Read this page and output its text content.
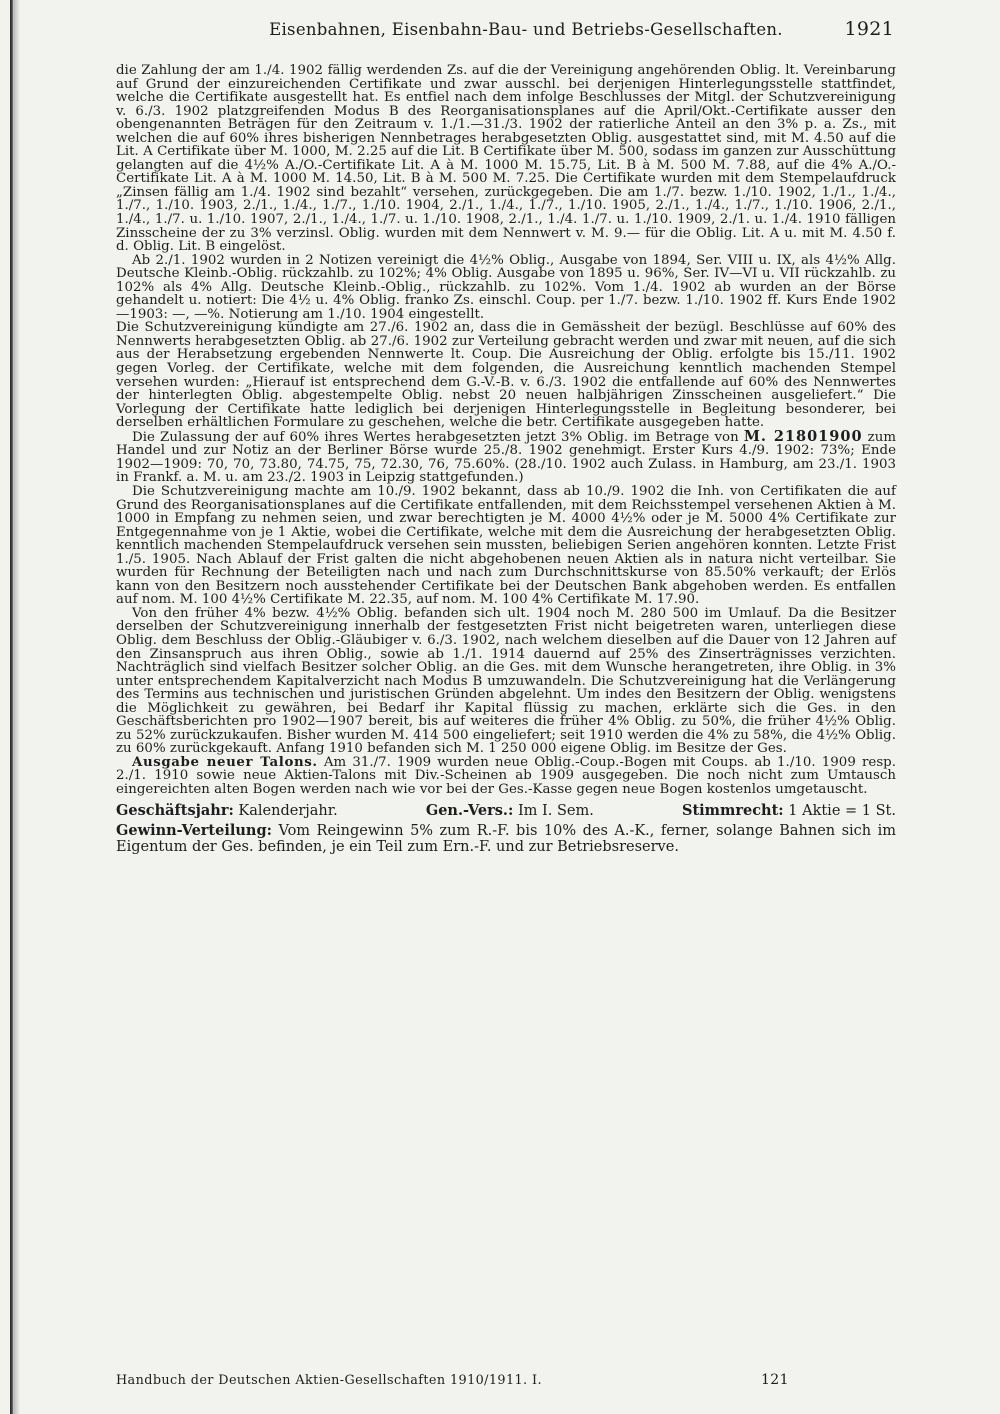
Eisenbahnen, Eisenbahn-Bau- und Betriebs-Gesellschaften.	1921

die Zahlung der am 1./4. 1902 fällig werdenden Zs. auf die der Vereinigung angehörenden Oblig. lt. Vereinbarung auf Grund der einzureichenden Certifikate und zwar ausschl. bei derjenigen Hinterlegungsstelle stattfindet, welche die Certifikate ausgestellt hat. Es entfiel nach dem infolge Beschlusses der Mitgl. der Schutzvereinigung v. 6./3. 1902 platzgreifenden Modus B des Reorganisationsplanes auf die April/Okt.-Certifikate ausser den obengenannten Beträgen für den Zeitraum v. 1./1.—31./3. 1902 der ratierliche Anteil an den 3% p. a. Zs., mit welchen die auf 60% ihres bisherigen Nennbetrages herabgesetzten Oblig. ausgestattet sind, mit M. 4.50 auf die Lit. A Certifikate über M. 1000, M. 2.25 auf die Lit. B Certifikate über M. 500, sodass im ganzen zur Ausschüttung gelangten auf die 4½% A./O.-Certifikate Lit. A à M. 1000 M. 15.75, Lit. B à M. 500 M. 7.88, auf die 4% A./O.-Certifikate Lit. A à M. 1000 M. 14.50, Lit. B à M. 500 M. 7.25. Die Certifikate wurden mit dem Stempelaufdruck „Zinsen fällig am 1./4. 1902 sind bezahlt“ versehen, zurückgegeben. Die am 1./7. bezw. 1./10. 1902, 1./1., 1./4., 1./7., 1./10. 1903, 2./1., 1./4., 1./7., 1./10. 1904, 2./1., 1./4., 1./7., 1./10. 1905, 2./1., 1./4., 1./7., 1./10. 1906, 2./1., 1./4., 1./7. u. 1./10. 1907, 2./1., 1./4., 1./7. u. 1./10. 1908, 2./1., 1./4. 1./7. u. 1./10. 1909, 2./1. u. 1./4. 1910 fälligen Zinsscheine der zu 3% verzinsl. Oblig. wurden mit dem Nennwert v. M. 9.— für die Oblig. Lit. A u. mit M. 4.50 f. d. Oblig. Lit. B eingelöst.

Ab 2./1. 1902 wurden in 2 Notizen vereinigt die 4½% Oblig., Ausgabe von 1894, Ser. VIII u. IX, als 4½% Allg. Deutsche Kleinb.-Oblig. rückzahlb. zu 102%; 4% Oblig. Ausgabe von 1895 u. 96%, Ser. IV—VI u. VII rückzahlb. zu 102% als 4% Allg. Deutsche Kleinb.-Oblig., rückzahlb. zu 102%. Vom 1./4. 1902 ab wurden an der Börse gehandelt u. notiert: Die 4½ u. 4% Oblig. franko Zs. einschl. Coup. per 1./7. bezw. 1./10. 1902 ff. Kurs Ende 1902—1903: —, —%. Notierung am 1./10. 1904 eingestellt.

Die Schutzvereinigung kündigte am 27./6. 1902 an, dass die in Gemässheit der bezügl. Beschlüsse auf 60% des Nennwerts herabgesetzten Oblig. ab 27./6. 1902 zur Verteilung gebracht werden und zwar mit neuen, auf die sich aus der Herabsetzung ergebenden Nennwerte lt. Coup. Die Ausreichung der Oblig. erfolgte bis 15./11. 1902 gegen Vorleg. der Certifikate, welche mit dem folgenden, die Ausreichung kenntlich machenden Stempel versehen wurden: „Hierauf ist entsprechend dem G.-V.-B. v. 6./3. 1902 die entfallende auf 60% des Nennwertes der hinterlegten Oblig. abgestempelte Oblig. nebst 20 neuen halbjährigen Zinsscheinen ausgeliefert.“ Die Vorlegung der Certifikate hatte lediglich bei derjenigen Hinterlegungsstelle in Begleitung besonderer, bei derselben erhältlichen Formulare zu geschehen, welche die betr. Certifikate ausgegeben hatte.

Die Zulassung der auf 60% ihres Wertes herabgesetzten jetzt 3% Oblig. im Betrage von M. 21801900 zum Handel und zur Notiz an der Berliner Börse wurde 25./8. 1902 genehmigt. Erster Kurs 4./9. 1902: 73%; Ende 1902—1909: 70, 70, 73.80, 74.75, 75, 72.30, 76, 75.60%. (28./10. 1902 auch Zulass. in Hamburg, am 23./1. 1903 in Frankf. a. M. u. am 23./2. 1903 in Leipzig stattgefunden.)

Die Schutzvereinigung machte am 10./9. 1902 bekannt, dass ab 10./9. 1902 die Inh. von Certifikaten die auf Grund des Reorganisationsplanes auf die Certifikate entfallenden, mit dem Reichsstempel versehenen Aktien à M. 1000 in Empfang zu nehmen seien, und zwar berechtigten je M. 4000 4½% oder je M. 5000 4% Certifikate zur Entgegennahme von je 1 Aktie, wobei die Certifikate, welche mit dem die Ausreichung der herabgesetzten Oblig. kenntlich machenden Stempelaufdruck versehen sein mussten, beliebigen Serien angehören konnten. Letzte Frist 1./5. 1905. Nach Ablauf der Frist galten die nicht abgehobenen neuen Aktien als in natura nicht verteilbar. Sie wurden für Rechnung der Beteiligten nach und nach zum Durchschnittskurse von 85.50% verkauft; der Erlös kann von den Besitzern noch ausstehender Certifikate bei der Deutschen Bank abgehoben werden. Es entfallen auf nom. M. 100 4½% Certifikate M. 22.35, auf nom. M. 100 4% Certifikate M. 17.90.

Von den früher 4% bezw. 4½% Oblig. befanden sich ult. 1904 noch M. 280 500 im Umlauf. Da die Besitzer derselben der Schutzvereinigung innerhalb der festgesetzten Frist nicht beigetreten waren, unterliegen diese Oblig. dem Beschluss der Oblig.-Gläubiger v. 6./3. 1902, nach welchem dieselben auf die Dauer von 12 Jahren auf den Zinsanspruch aus ihren Oblig., sowie ab 1./1. 1914 dauernd auf 25% des Zinserträgnisses verzichten. Nachträglich sind vielfach Besitzer solcher Oblig. an die Ges. mit dem Wunsche herangetreten, ihre Oblig. in 3% unter entsprechendem Kapitalverzicht nach Modus B umzuwandeln. Die Schutzvereinigung hat die Verlängerung des Termins aus technischen und juristischen Gründen abgelehnt. Um indes den Besitzern der Oblig. wenigstens die Möglichkeit zu gewähren, bei Bedarf ihr Kapital flüssig zu machen, erklärte sich die Ges. in den Geschäftsberichten pro 1902—1907 bereit, bis auf weiteres die früher 4% Oblig. zu 50%, die früher 4½% Oblig. zu 52% zurückzukaufen. Bisher wurden M. 414 500 eingeliefert; seit 1910 werden die 4% zu 58%, die 4½% Oblig. zu 60% zurückgekauft. Anfang 1910 befanden sich M. 1 250 000 eigene Oblig. im Besitze der Ges.

Ausgabe neuer Talons. Am 31./7. 1909 wurden neue Oblig.-Coup.-Bogen mit Coups. ab 1./10. 1909 resp. 2./1. 1910 sowie neue Aktien-Talons mit Div.-Scheinen ab 1909 ausgegeben. Die noch nicht zum Umtausch eingereichten alten Bogen werden nach wie vor bei der Ges.-Kasse gegen neue Bogen kostenlos umgetauscht.

Geschäftsjahr: Kalenderjahr.	Gen.-Vers.: Im I. Sem.	Stimmrecht: 1 Aktie = 1 St.

Gewinn-Verteilung: Vom Reingewinn 5% zum R.-F. bis 10% des A.-K., ferner, solange Bahnen sich im Eigentum der Ges. befinden, je ein Teil zum Ern.-F. und zur Betriebsreserve.

Handbuch der Deutschen Aktien-Gesellschaften 1910/1911. I.	121
